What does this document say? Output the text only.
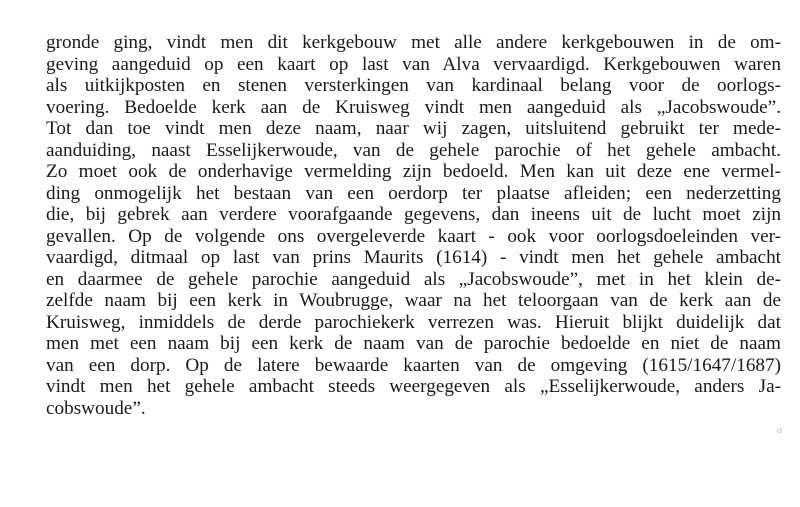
gronde ging, vindt men dit kerkgebouw met alle andere kerkgebouwen in de om-
geving aangeduid op een kaart op last van Alva vervaardigd. Kerkgebouwen waren
als uitkijkposten en stenen versterkingen van kardinaal belang voor de oorlogs-
voering. Bedoelde kerk aan de Kruisweg vindt men aangeduid als „Jacobswoude”.
Tot dan toe vindt men deze naam, naar wij zagen, uitsluitend gebruikt ter mede-
aanduiding, naast Esselijkerwoude, van de gehele parochie of het gehele ambacht.
Zo moet ook de onderhavige vermelding zijn bedoeld. Men kan uit deze ene vermel-
ding onmogelijk het bestaan van een oerdorp ter plaatse afleiden; een nederzetting
die, bij gebrek aan verdere voorafgaande gegevens, dan ineens uit de lucht moet zijn
gevallen. Op de volgende ons overgeleverde kaart - ook voor oorlogsdoeleinden ver-
vaardigd, ditmaal op last van prins Maurits (1614) - vindt men het gehele ambacht
en daarmee de gehele parochie aangeduid als „Jacobswoude”, met in het klein de-
zelfde naam bij een kerk in Woubrugge, waar na het teloorgaan van de kerk aan de
Kruisweg, inmiddels de derde parochiekerk verrezen was. Hieruit blijkt duidelijk dat
men met een naam bij een kerk de naam van de parochie bedoelde en niet de naam
van een dorp. Op de latere bewaarde kaarten van de omgeving (1615/1647/1687)
vindt men het gehele ambacht steeds weergegeven als „Esselijkerwoude, anders Ja-
cobswoude”.
